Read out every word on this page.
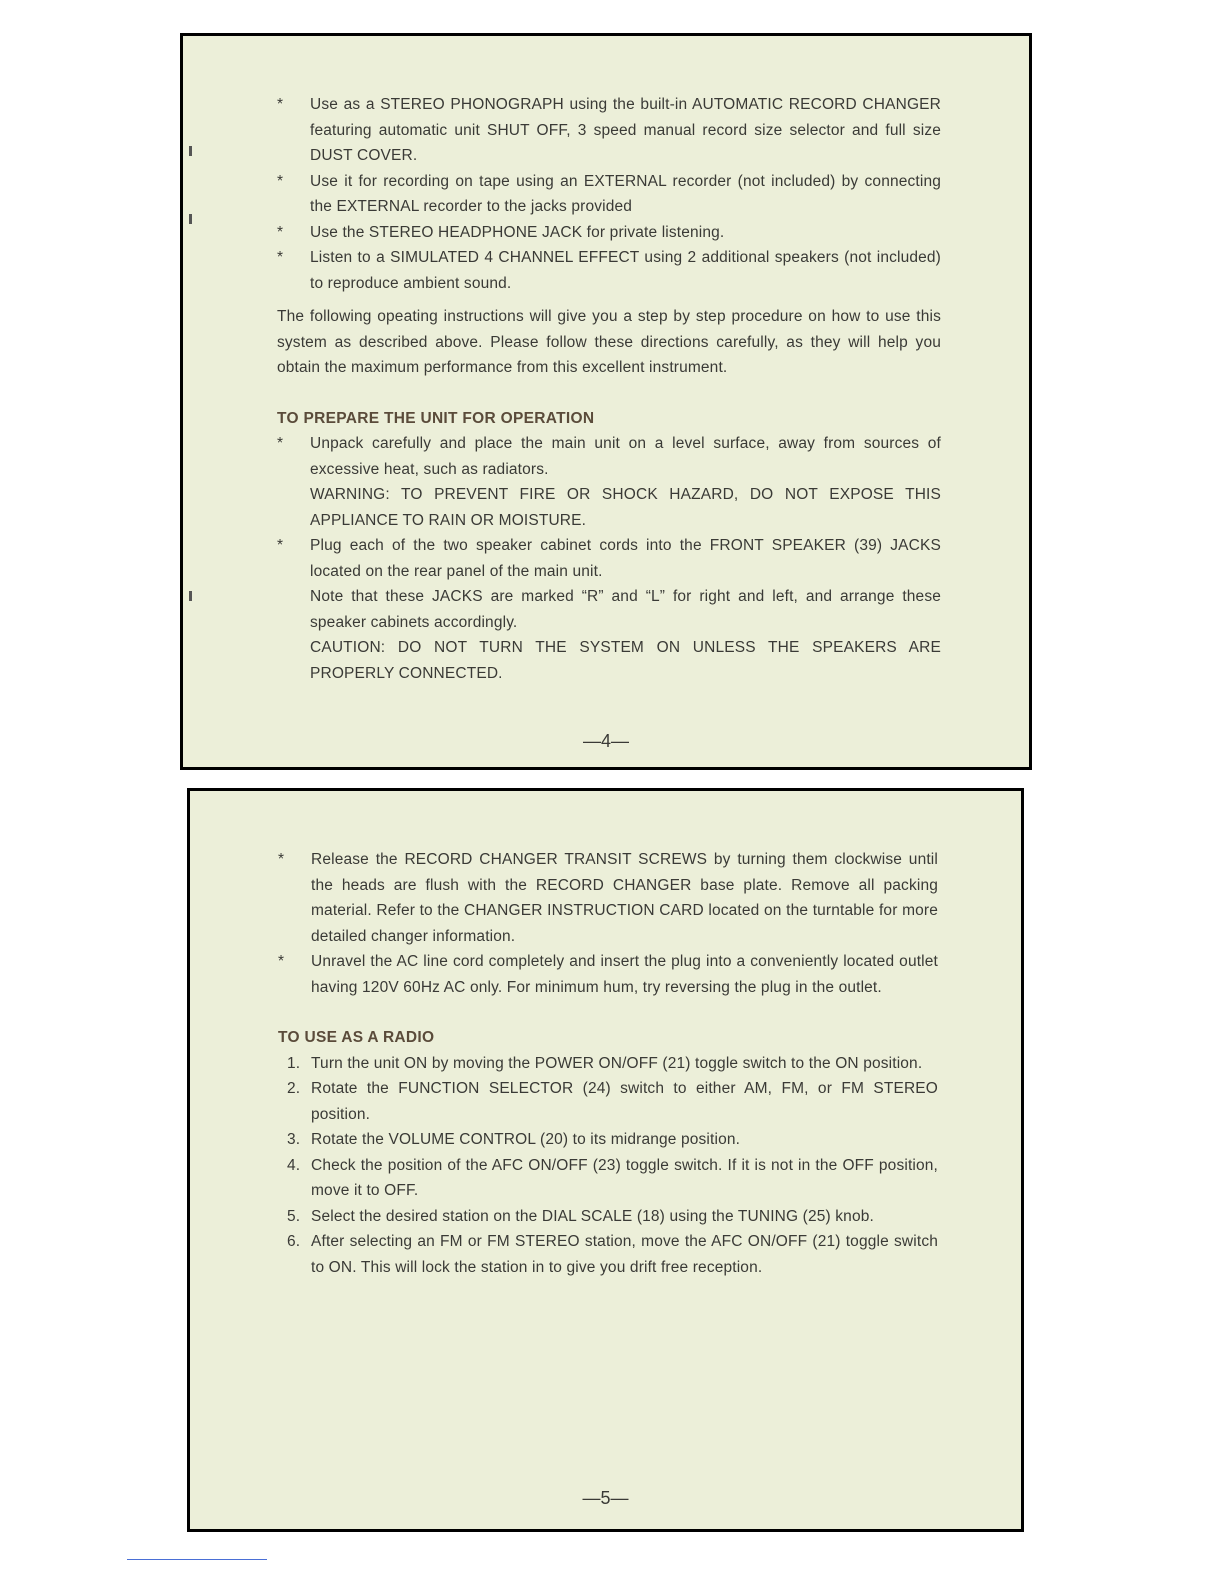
* Use as a STEREO PHONOGRAPH using the built-in AUTOMATIC RECORD CHANGER featuring automatic unit SHUT OFF, 3 speed manual record size selector and full size DUST COVER.
* Use it for recording on tape using an EXTERNAL recorder (not included) by connecting the EXTERNAL recorder to the jacks provided
* Use the STEREO HEADPHONE JACK for private listening.
* Listen to a SIMULATED 4 CHANNEL EFFECT using 2 additional speakers (not included) to reproduce ambient sound.
The following opeating instructions will give you a step by step procedure on how to use this system as described above. Please follow these directions carefully, as they will help you obtain the maximum performance from this excellent instrument.
TO PREPARE THE UNIT FOR OPERATION
* Unpack carefully and place the main unit on a level surface, away from sources of excessive heat, such as radiators.
WARNING: TO PREVENT FIRE OR SHOCK HAZARD, DO NOT EXPOSE THIS APPLIANCE TO RAIN OR MOISTURE.
* Plug each of the two speaker cabinet cords into the FRONT SPEAKER (39) JACKS located on the rear panel of the main unit.
Note that these JACKS are marked “R” and “L” for right and left, and arrange these speaker cabinets accordingly.
CAUTION: DO NOT TURN THE SYSTEM ON UNLESS THE SPEAKERS ARE PROPERLY CONNECTED.
—4—
* Release the RECORD CHANGER TRANSIT SCREWS by turning them clockwise until the heads are flush with the RECORD CHANGER base plate. Remove all packing material. Refer to the CHANGER INSTRUCTION CARD located on the turntable for more detailed changer information.
* Unravel the AC line cord completely and insert the plug into a conveniently located outlet having 120V 60Hz AC only. For minimum hum, try reversing the plug in the outlet.
TO USE AS A RADIO
1. Turn the unit ON by moving the POWER ON/OFF (21) toggle switch to the ON position.
2. Rotate the FUNCTION SELECTOR (24) switch to either AM, FM, or FM STEREO position.
3. Rotate the VOLUME CONTROL (20) to its midrange position.
4. Check the position of the AFC ON/OFF (23) toggle switch. If it is not in the OFF position, move it to OFF.
5. Select the desired station on the DIAL SCALE (18) using the TUNING (25) knob.
6. After selecting an FM or FM STEREO station, move the AFC ON/OFF (21) toggle switch to ON. This will lock the station in to give you drift free reception.
—5—
